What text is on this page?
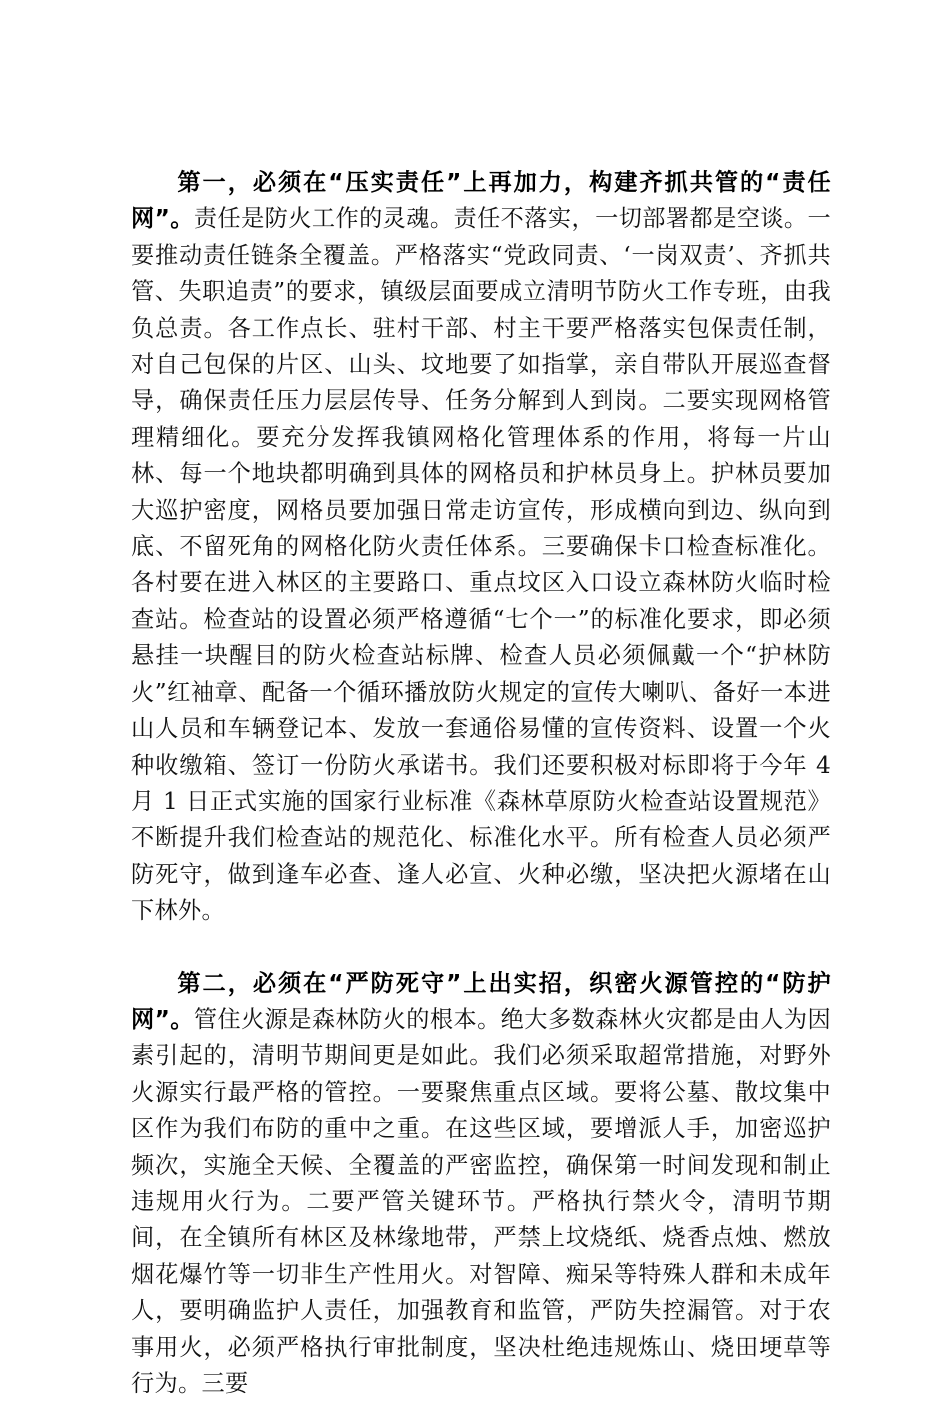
第一，必须在“压实责任”上再加力，构建齐抓共管的“责任网”。责任是防火工作的灵魂。责任不落实，一切部署都是空谈。一要推动责任链条全覆盖。严格落实“党政同责、‘一岗双责’、齐抓共管、失职追责”的要求，镇级层面要成立清明节防火工作专班，由我负总责。各工作点长、驻村干部、村主干要严格落实包保责任制，对自己包保的片区、山头、坟地要了如指掌，亲自带队开展巡查督导，确保责任压力层层传导、任务分解到人到岗。二要实现网格管理精细化。要充分发挥我镇网格化管理体系的作用，将每一片山林、每一个地块都明确到具体的网格员和护林员身上。护林员要加大巡护密度，网格员要加强日常走访宣传，形成横向到边、纵向到底、不留死角的网格化防火责任体系。三要确保卡口检查标准化。各村要在进入林区的主要路口、重点坟区入口设立森林防火临时检查站。检查站的设置必须严格遵循“七个一”的标准化要求，即必须悬挂一块醒目的防火检查站标牌、检查人员必须佩戴一个“护林防火”红袖章、配备一个循环播放防火规定的宣传大喇叭、备好一本进山人员和车辆登记本、发放一套通俗易懂的宣传资料、设置一个火种收缴箱、签订一份防火承诺书。我们还要积极对标即将于今年 4 月 1 日正式实施的国家行业标准《森林草原防火检查站设置规范》不断提升我们检查站的规范化、标准化水平。所有检查人员必须严防死守，做到逢车必查、逢人必宣、火种必缴，坚决把火源堵在山下林外。

第二，必须在“严防死守”上出实招，织密火源管控的“防护网”。管住火源是森林防火的根本。绝大多数森林火灾都是由人为因素引起的，清明节期间更是如此。我们必须采取超常措施，对野外火源实行最严格的管控。一要聚焦重点区域。要将公墓、散坟集中区作为我们布防的重中之重。在这些区域，要增派人手，加密巡护频次，实施全天候、全覆盖的严密监控，确保第一时间发现和制止违规用火行为。二要严管关键环节。严格执行禁火令，清明节期间，在全镇所有林区及林缘地带，严禁上坟烧纸、烧香点烛、燃放烟花爆竹等一切非生产性用火。对智障、痴呆等特殊人群和未成年人，要明确监护人责任，加强教育和监管，严防失控漏管。对于农事用火，必须严格执行审批制度，坚决杜绝违规炼山、烧田埂草等行为。三要
